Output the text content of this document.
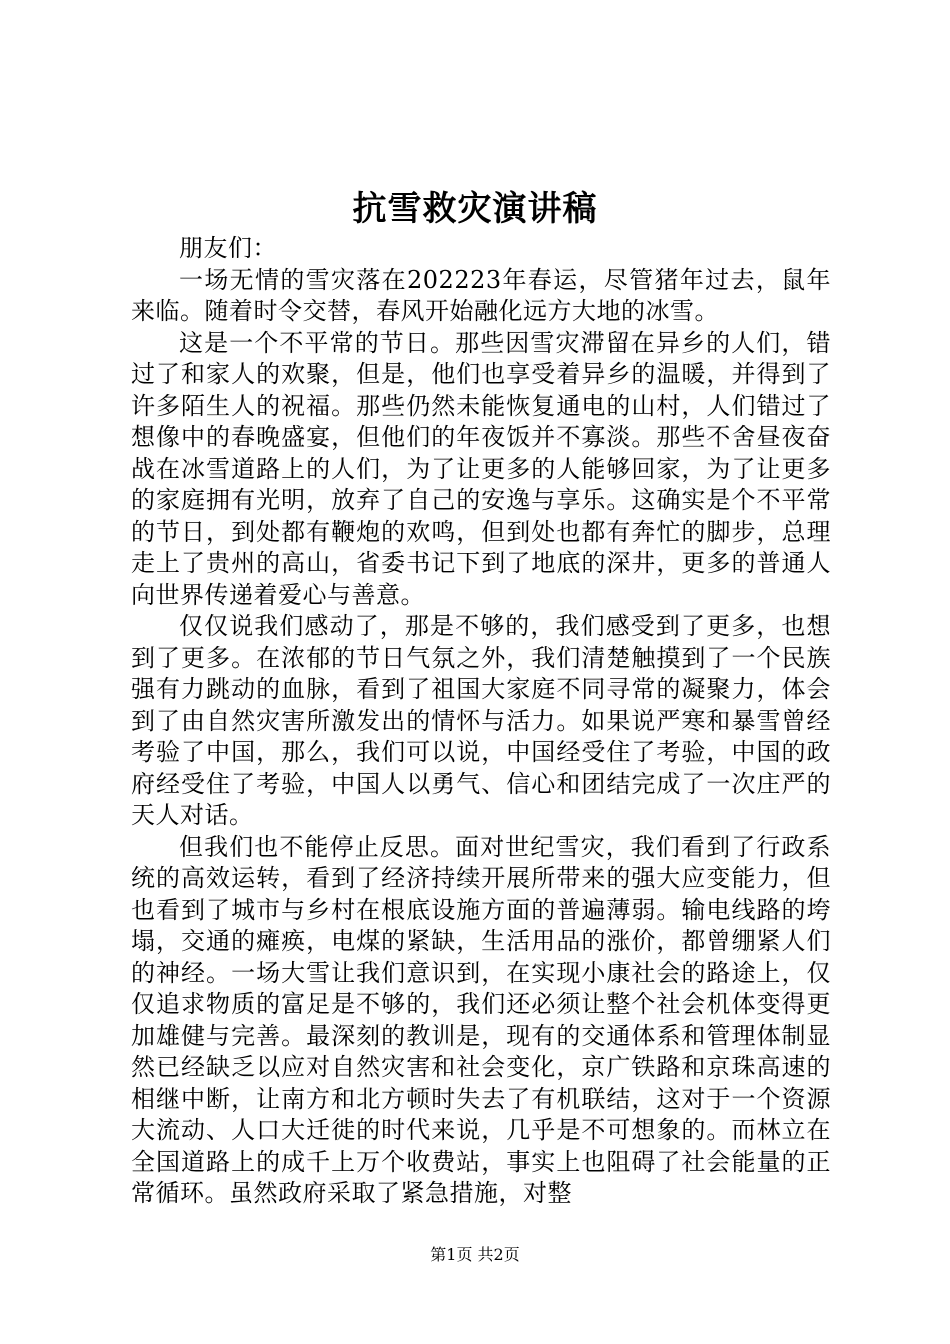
抗雪救灾演讲稿

朋友们：

一场无情的雪灾落在202223年春运，尽管猪年过去，鼠年来临。随着时令交替，春风开始融化远方大地的冰雪。

这是一个不平常的节日。那些因雪灾滞留在异乡的人们，错过了和家人的欢聚，但是，他们也享受着异乡的温暖，并得到了许多陌生人的祝福。那些仍然未能恢复通电的山村，人们错过了想像中的春晚盛宴，但他们的年夜饭并不寡淡。那些不舍昼夜奋战在冰雪道路上的人们，为了让更多的人能够回家，为了让更多的家庭拥有光明，放弃了自己的安逸与享乐。这确实是个不平常的节日，到处都有鞭炮的欢鸣，但到处也都有奔忙的脚步，总理走上了贵州的高山，省委书记下到了地底的深井，更多的普通人向世界传递着爱心与善意。

仅仅说我们感动了，那是不够的，我们感受到了更多，也想到了更多。在浓郁的节日气氛之外，我们清楚触摸到了一个民族强有力跳动的血脉，看到了祖国大家庭不同寻常的凝聚力，体会到了由自然灾害所激发出的情怀与活力。如果说严寒和暴雪曾经考验了中国，那么，我们可以说，中国经受住了考验，中国的政府经受住了考验，中国人以勇气、信心和团结完成了一次庄严的天人对话。

但我们也不能停止反思。面对世纪雪灾，我们看到了行政系统的高效运转，看到了经济持续开展所带来的强大应变能力，但也看到了城市与乡村在根底设施方面的普遍薄弱。输电线路的垮塌，交通的瘫痪，电煤的紧缺，生活用品的涨价，都曾绷紧人们的神经。一场大雪让我们意识到，在实现小康社会的路途上，仅仅追求物质的富足是不够的，我们还必须让整个社会机体变得更加雄健与完善。最深刻的教训是，现有的交通体系和管理体制显然已经缺乏以应对自然灾害和社会变化，京广铁路和京珠高速的相继中断，让南方和北方顿时失去了有机联结，这对于一个资源大流动、人口大迁徙的时代来说，几乎是不可想象的。而林立在全国道路上的成千上万个收费站，事实上也阻碍了社会能量的正常循环。虽然政府采取了紧急措施，对整

第1页 共2页
